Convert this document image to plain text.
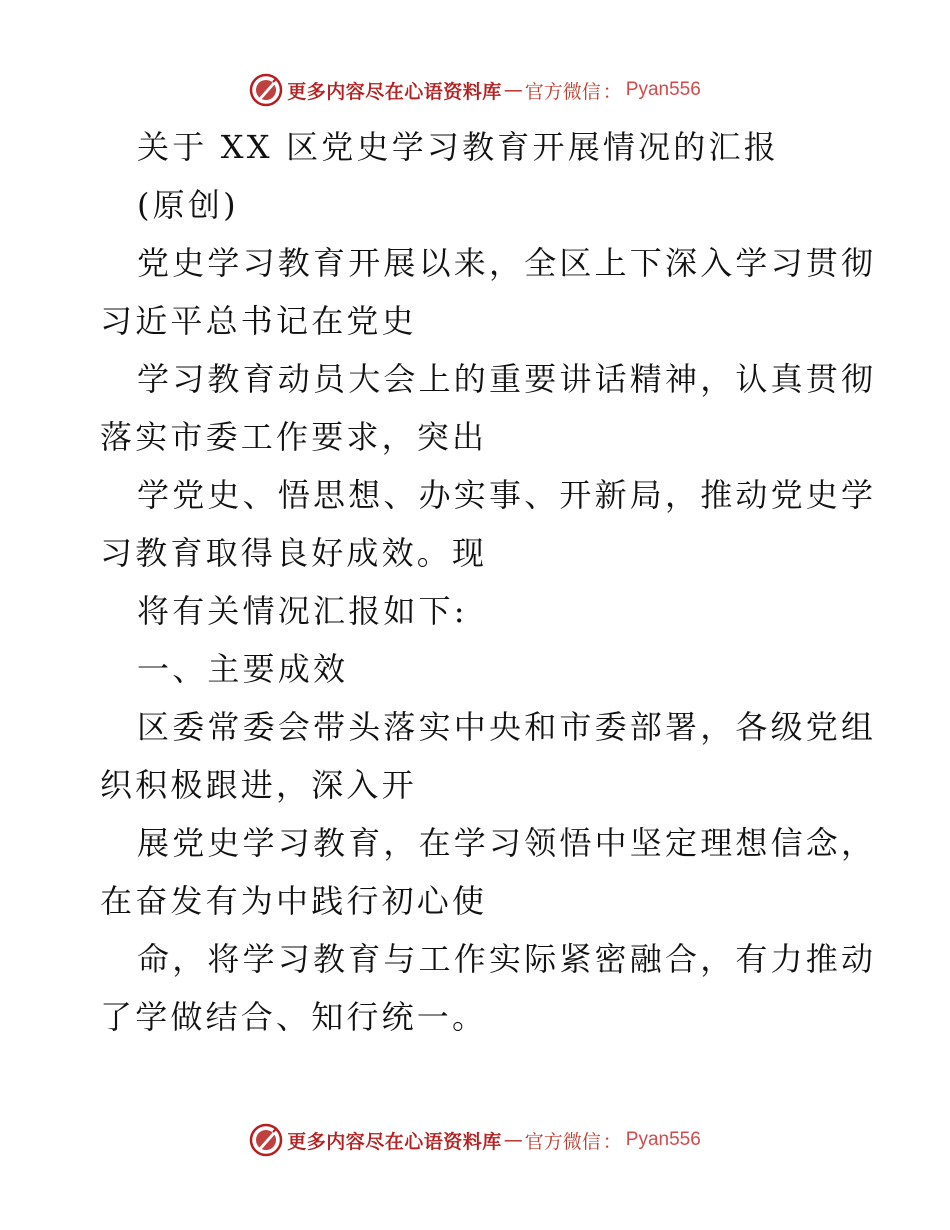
更多内容尽在心语资料库 — 官方微信 ： Pyan556
关于 XX 区党史学习教育开展情况的汇报
(原创)
党史学习教育开展以来，全区上下深入学习贯彻
习近平总书记在党史
学习教育动员大会上的重要讲话精神，认真贯彻
落实市委工作要求，突出
学党史、悟思想、办实事、开新局，推动党史学
习教育取得良好成效。现
将有关情况汇报如下:
一、主要成效
区委常委会带头落实中央和市委部署，各级党组
织积极跟进，深入开
展党史学习教育，在学习领悟中坚定理想信念，
在奋发有为中践行初心使
命，将学习教育与工作实际紧密融合，有力推动
了学做结合、知行统一。
更多内容尽在心语资料库 — 官方微信 ： Pyan556
